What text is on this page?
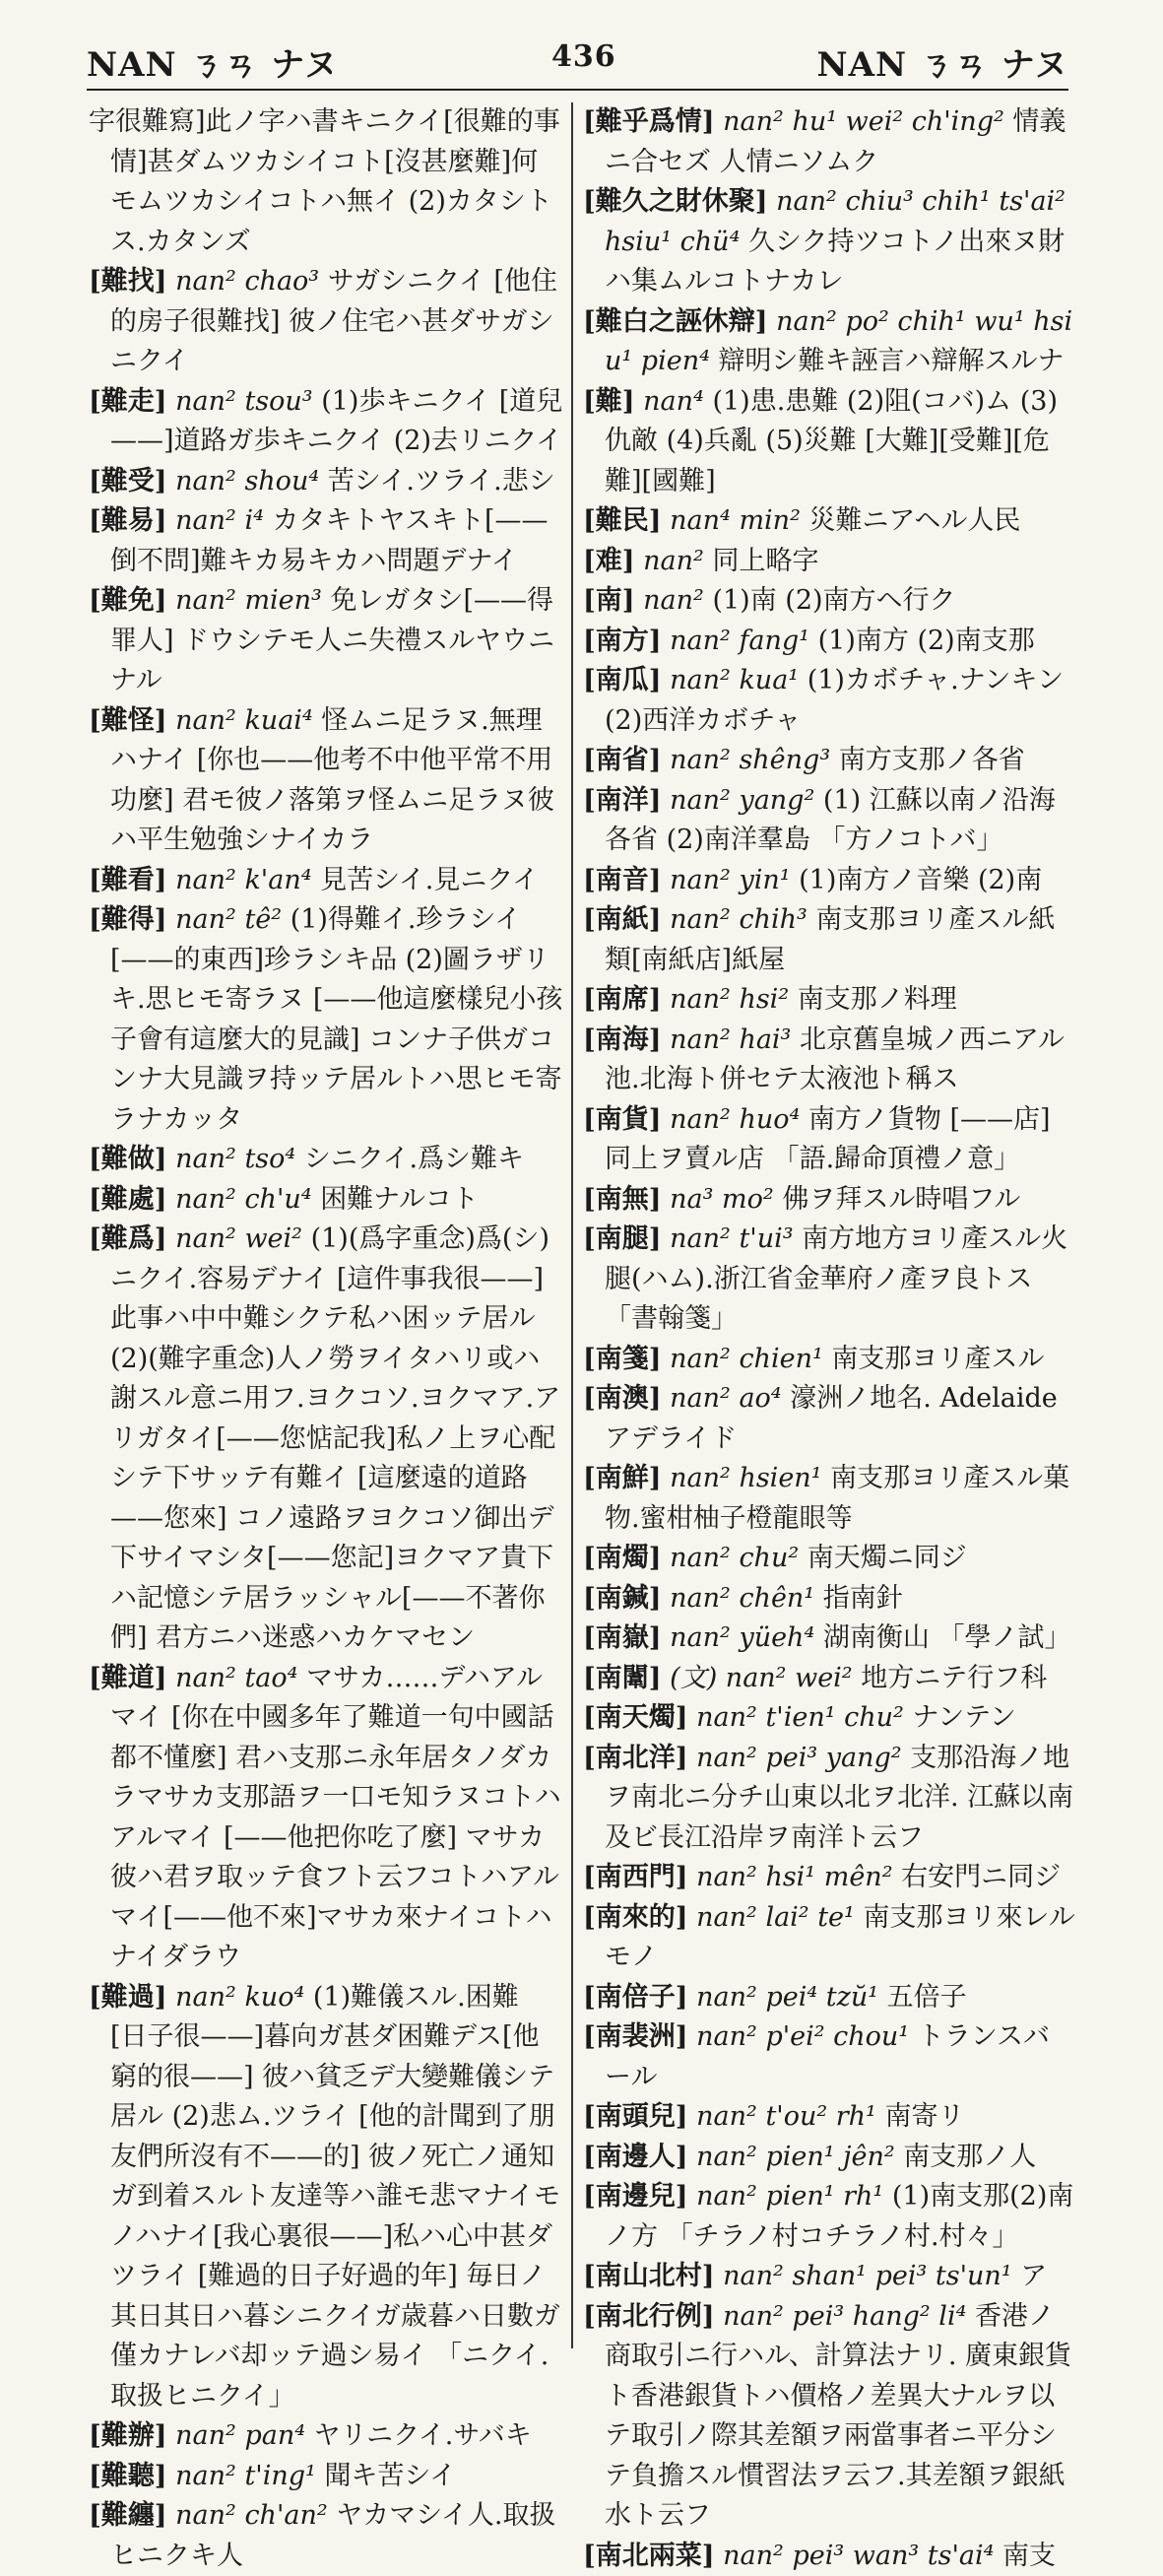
NAN ㄋㄢ ナヌ	436	NAN ㄋㄢ ナヌ

字很難寫]此ノ字ハ書キニクイ[很難的事情]甚ダムツカシイコト[沒甚麼難]何モムツカシイコトハ無イ (2)カタシトス.カタンズ

[難找] nan² chao³ サガシニクイ [他住的房子很難找] 彼ノ住宅ハ甚ダサガシニクイ

[難走] nan² tsou³ (1)歩キニクイ [道兒——]道路ガ歩キニクイ (2)去リニクイ

[難受] nan² shou⁴ 苦シイ.ツライ.悲シ

[難易] nan² i⁴ カタキトヤスキト[——倒不問]難キカ易キカハ問題デナイ

[難免] nan² mien³ 免レガタシ[——得罪人] ドウシテモ人ニ失禮スルヤウニナル

[難怪] nan² kuai⁴ 怪ムニ足ラヌ.無理ハナイ [你也——他考不中他平常不用功麼] 君モ彼ノ落第ヲ怪ムニ足ラヌ彼ハ平生勉強シナイカラ

[難看] nan² k'an⁴ 見苦シイ.見ニクイ

[難得] nan² tê² (1)得難イ.珍ラシイ[——的東西]珍ラシキ品 (2)圖ラザリキ.思ヒモ寄ラヌ [——他這麼樣兒小孩子會有這麼大的見識] コンナ子供ガコンナ大見識ヲ持ッテ居ルトハ思ヒモ寄ラナカッタ

[難做] nan² tso⁴ シニクイ.爲シ難キ

[難處] nan² ch'u⁴ 困難ナルコト

[難爲] nan² wei² (1)(爲字重念)爲(シ)ニクイ.容易デナイ [這件事我很——]此事ハ中中難シクテ私ハ困ッテ居ル (2)(難字重念)人ノ勞ヲイタハリ或ハ謝スル意ニ用フ.ヨクコソ.ヨクマア.アリガタイ[——您惦記我]私ノ上ヲ心配シテ下サッテ有難イ [這麼遠的道路——您來] コノ遠路ヲヨクコソ御出デ下サイマシタ[——您記]ヨクマア貴下ハ記憶シテ居ラッシャル[——不著你們] 君方ニハ迷惑ハカケマセン

[難道] nan² tao⁴ マサカ……デハアルマイ [你在中國多年了難道一句中國話都不懂麼] 君ハ支那ニ永年居タノダカラマサカ支那語ヲ一口モ知ラヌコトハアルマイ [——他把你吃了麼] マサカ彼ハ君ヲ取ッテ食フト云フコトハアルマイ[——他不來]マサカ來ナイコトハナイダラウ

[難過] nan² kuo⁴ (1)難儀スル.困難 [日子很——]暮向ガ甚ダ困難デス[他窮的很——] 彼ハ貧乏デ大變難儀シテ居ル (2)悲ム.ツライ [他的計聞到了朋友們所沒有不——的] 彼ノ死亡ノ通知ガ到着スルト友達等ハ誰モ悲マナイモノハナイ[我心裏很——]私ハ心中甚ダツライ [難過的日子好過的年] 毎日ノ其日其日ハ暮シニクイガ歳暮ハ日數ガ僅カナレバ却ッテ過シ易イ 「ニクイ.取扱ヒニクイ」

[難辦] nan² pan⁴ ヤリニクイ.サバキ

[難聽] nan² t'ing¹ 聞キ苦シイ

[難纏] nan² ch'an² ヤカマシイ人.取扱ヒニクキ人

[難乎爲情] nan² hu¹ wei² ch'ing² 情義ニ合セズ 人情ニソムク

[難久之財休聚] nan² chiu³ chih¹ ts'ai² hsiu¹ chü⁴ 久シク持ツコトノ出來ヌ財ハ集ムルコトナカレ

[難白之誣休辯] nan² po² chih¹ wu¹ hsiu¹ pien⁴ 辯明シ難キ誣言ハ辯解スルナ

[難] nan⁴ (1)患.患難 (2)阻(コバ)ム (3)仇敵 (4)兵亂 (5)災難 [大難][受難][危難][國難]

[難民] nan⁴ min² 災難ニアヘル人民

[难] nan² 同上略字

[南] nan² (1)南 (2)南方ヘ行ク

[南方] nan² fang¹ (1)南方 (2)南支那

[南瓜] nan² kua¹ (1)カボチャ.ナンキン (2)西洋カボチャ

[南省] nan² shêng³ 南方支那ノ各省

[南洋] nan² yang² (1) 江蘇以南ノ沿海各省 (2)南洋羣島 「方ノコトバ」

[南音] nan² yin¹ (1)南方ノ音樂 (2)南

[南紙] nan² chih³ 南支那ヨリ產スル紙類[南紙店]紙屋

[南席] nan² hsi² 南支那ノ料理

[南海] nan² hai³ 北京舊皇城ノ西ニアル池.北海ト併セテ太液池ト稱ス

[南貨] nan² huo⁴ 南方ノ貨物 [——店] 同上ヲ賣ル店 「語.歸命頂禮ノ意」

[南無] na³ mo² 佛ヲ拜スル時唱フル

[南腿] nan² t'ui³ 南方地方ヨリ產スル火腿(ハム).浙江省金華府ノ產ヲ良トス 「書翰箋」

[南箋] nan² chien¹ 南支那ヨリ產スル

[南澳] nan² ao⁴ 濠洲ノ地名. Adelaide アデライド

[南鮮] nan² hsien¹ 南支那ヨリ產スル菓物.蜜柑柚子橙龍眼等

[南燭] nan² chu² 南天燭ニ同ジ

[南鍼] nan² chên¹ 指南針

[南嶽] nan² yüeh⁴ 湖南衡山 「學ノ試」

[南闈] (文) nan² wei² 地方ニテ行フ科

[南天燭] nan² t'ien¹ chu² ナンテン

[南北洋] nan² pei³ yang² 支那沿海ノ地ヲ南北ニ分チ山東以北ヲ北洋. 江蘇以南及ビ長江沿岸ヲ南洋ト云フ

[南西門] nan² hsi¹ mên² 右安門ニ同ジ

[南來的] nan² lai² te¹ 南支那ヨリ來レルモノ

[南倍子] nan² pei⁴ tzŭ¹ 五倍子

[南裴洲] nan² p'ei² chou¹ トランスバール

[南頭兒] nan² t'ou² rh¹ 南寄リ

[南邊人] nan² pien¹ jên² 南支那ノ人

[南邊兒] nan² pien¹ rh¹ (1)南支那(2)南ノ方 「チラノ村コチラノ村.村々」

[南山北村] nan² shan¹ pei³ ts'un¹ ア

[南北行例] nan² pei³ hang² li⁴ 香港ノ商取引ニ行ハル、計算法ナリ. 廣東銀貨ト香港銀貨トハ價格ノ差異大ナルヲ以テ取引ノ際其差額ヲ兩當事者ニ平分シテ負擔スル慣習法ヲ云フ.其差額ヲ銀紙水ト云フ

[南北兩菜] nan² pei³ wan³ ts'ai⁴ 南支
